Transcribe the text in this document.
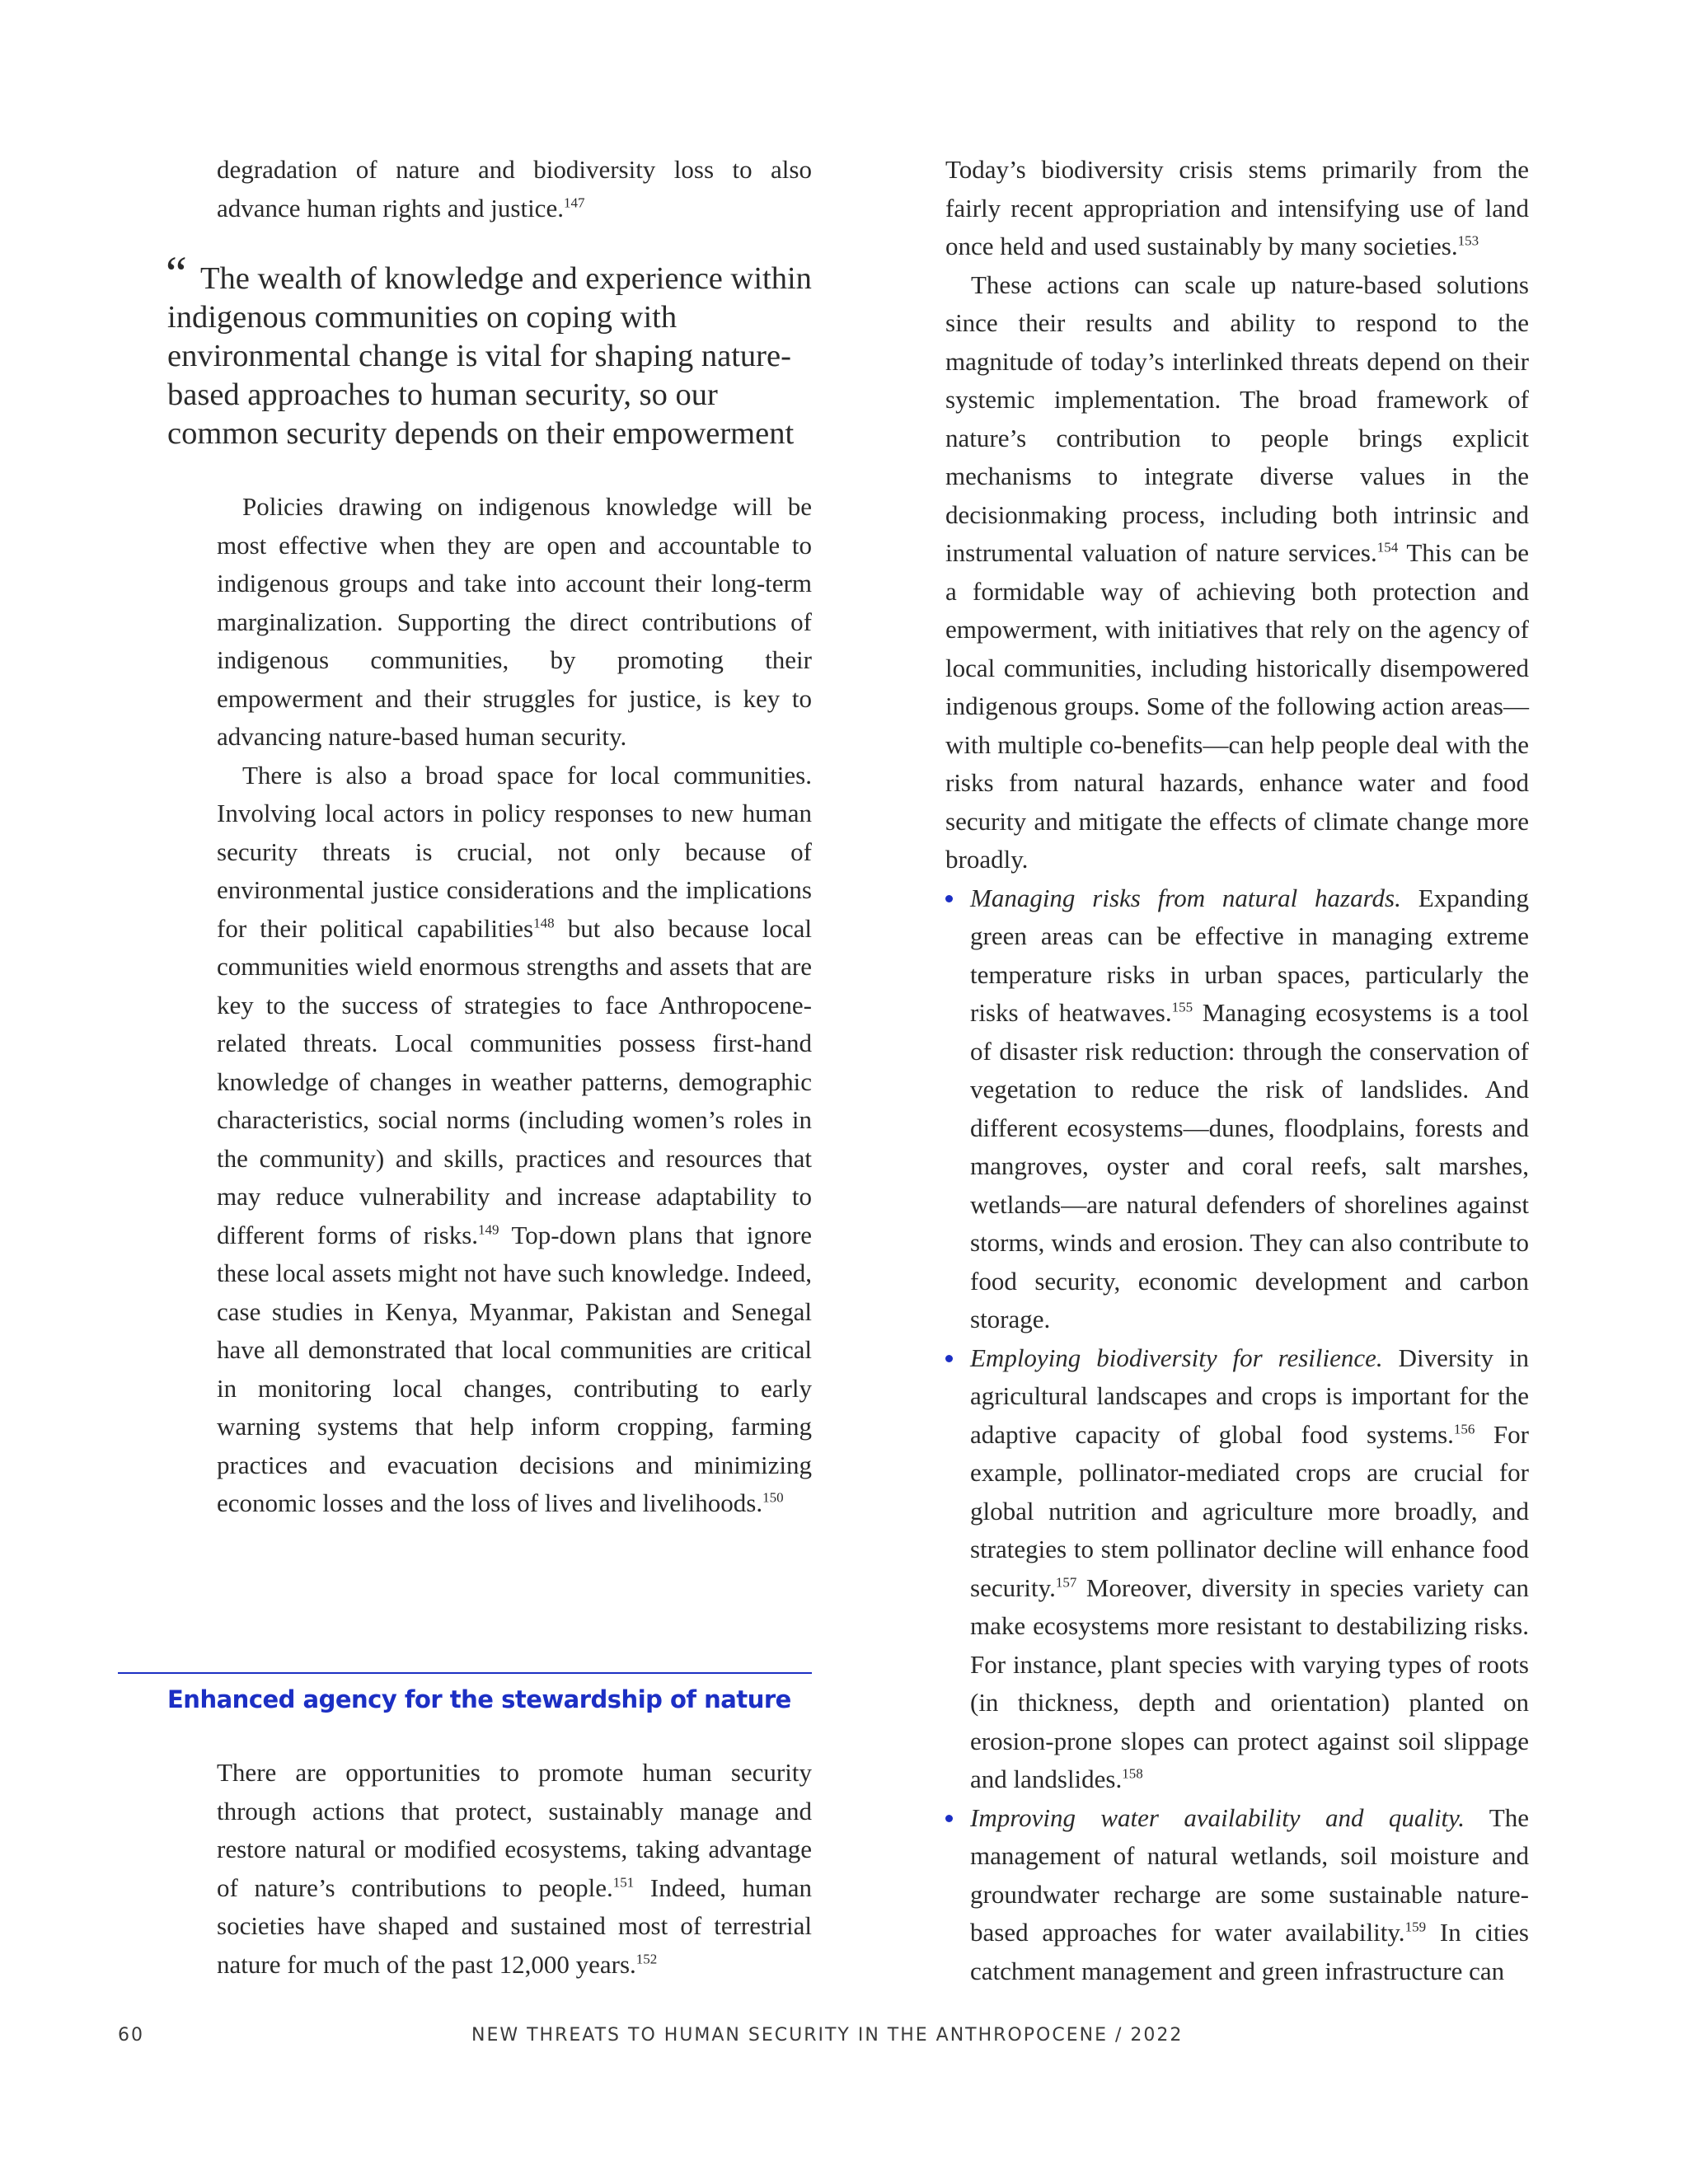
degradation of nature and biodiversity loss to also advance human rights and justice.$^{147}$

“ The wealth of knowledge and experience within indigenous communities on coping with environmental change is vital for shaping nature-based approaches to human security, so our common security depends on their empowerment

Policies drawing on indigenous knowledge will be most effective when they are open and accountable to indigenous groups and take into account their long-term marginalization. Supporting the direct contributions of indigenous communities, by promoting their empowerment and their struggles for justice, is key to advancing nature-based human security.

There is also a broad space for local communities. Involving local actors in policy responses to new human security threats is crucial, not only because of environmental justice considerations and the implications for their political capabilities$^{148}$ but also because local communities wield enormous strengths and assets that are key to the success of strategies to face Anthropocene-related threats. Local communities possess first-hand knowledge of changes in weather patterns, demographic characteristics, social norms (including women’s roles in the community) and skills, practices and resources that may reduce vulnerability and increase adaptability to different forms of risks.$^{149}$ Top-down plans that ignore these local assets might not have such knowledge. Indeed, case studies in Kenya, Myanmar, Pakistan and Senegal have all demonstrated that local communities are critical in monitoring local changes, contributing to early warning systems that help inform cropping, farming practices and evacuation decisions and minimizing economic losses and the loss of lives and livelihoods.$^{150}$

Enhanced agency for the stewardship of nature

There are opportunities to promote human security through actions that protect, sustainably manage and restore natural or modified ecosystems, taking advantage of nature’s contributions to people.$^{151}$ Indeed, human societies have shaped and sustained most of terrestrial nature for much of the past 12,000 years.$^{152}$

Today’s biodiversity crisis stems primarily from the fairly recent appropriation and intensifying use of land once held and used sustainably by many societies.$^{153}$

These actions can scale up nature-based solutions since their results and ability to respond to the magnitude of today’s interlinked threats depend on their systemic implementation. The broad framework of nature’s contribution to people brings explicit mechanisms to integrate diverse values in the decisionmaking process, including both intrinsic and instrumental valuation of nature services.$^{154}$ This can be a formidable way of achieving both protection and empowerment, with initiatives that rely on the agency of local communities, including historically disempowered indigenous groups. Some of the following action areas—with multiple co-benefits—can help people deal with the risks from natural hazards, enhance water and food security and mitigate the effects of climate change more broadly.

Managing risks from natural hazards. Expanding green areas can be effective in managing extreme temperature risks in urban spaces, particularly the risks of heatwaves.$^{155}$ Managing ecosystems is a tool of disaster risk reduction: through the conservation of vegetation to reduce the risk of landslides. And different ecosystems—dunes, floodplains, forests and mangroves, oyster and coral reefs, salt marshes, wetlands—are natural defenders of shorelines against storms, winds and erosion. They can also contribute to food security, economic development and carbon storage.

Employing biodiversity for resilience. Diversity in agricultural landscapes and crops is important for the adaptive capacity of global food systems.$^{156}$ For example, pollinator-mediated crops are crucial for global nutrition and agriculture more broadly, and strategies to stem pollinator decline will enhance food security.$^{157}$ Moreover, diversity in species variety can make ecosystems more resistant to destabilizing risks. For instance, plant species with varying types of roots (in thickness, depth and orientation) planted on erosion-prone slopes can protect against soil slippage and landslides.$^{158}$

Improving water availability and quality. The management of natural wetlands, soil moisture and groundwater recharge are some sustainable nature-based approaches for water availability.$^{159}$ In cities catchment management and green infrastructure can

60	NEW THREATS TO HUMAN SECURITY IN THE ANTHROPOCENE / 2022
